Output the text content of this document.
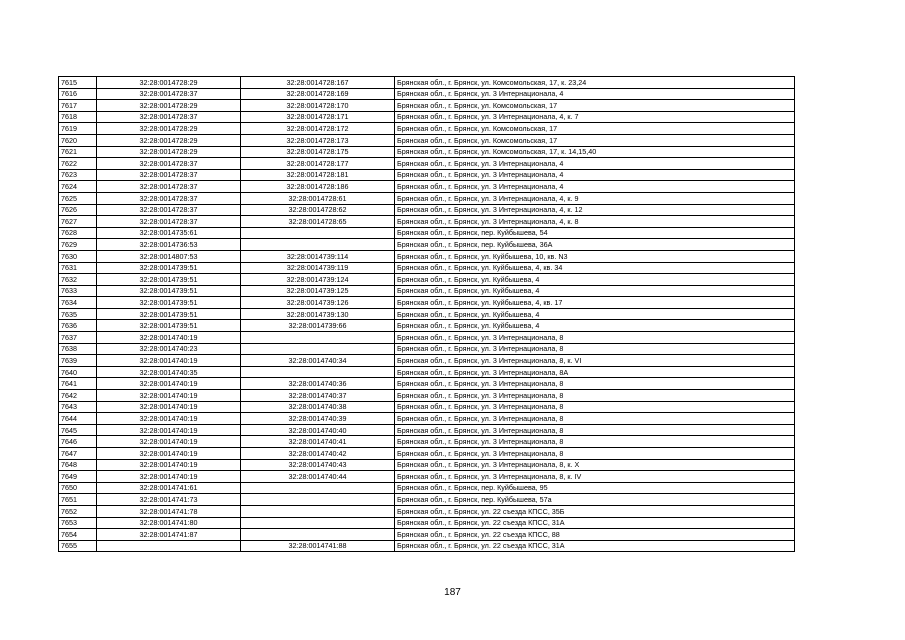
7615	32:28:0014728:29	32:28:0014728:167	Брянская обл., г. Брянск, ул. Комсомольская, 17, к. 23,24
7616	32:28:0014728:37	32:28:0014728:169	Брянская обл., г. Брянск, ул. 3 Интернационала, 4
7617	32:28:0014728:29	32:28:0014728:170	Брянская обл., г. Брянск, ул. Комсомольская, 17
7618	32:28:0014728:37	32:28:0014728:171	Брянская обл., г. Брянск, ул. 3 Интернационала, 4, к. 7
7619	32:28:0014728:29	32:28:0014728:172	Брянская обл., г. Брянск, ул. Комсомольская, 17
7620	32:28:0014728:29	32:28:0014728:173	Брянская обл., г. Брянск, ул. Комсомольская, 17
7621	32:28:0014728:29	32:28:0014728:175	Брянская обл., г. Брянск, ул. Комсомольская, 17, к. 14,15,40
7622	32:28:0014728:37	32:28:0014728:177	Брянская обл., г. Брянск, ул. 3 Интернационала, 4
7623	32:28:0014728:37	32:28:0014728:181	Брянская обл., г. Брянск, ул. 3 Интернационала, 4
7624	32:28:0014728:37	32:28:0014728:186	Брянская обл., г. Брянск, ул. 3 Интернационала, 4
7625	32:28:0014728:37	32:28:0014728:61	Брянская обл., г. Брянск, ул. 3 Интернационала, 4, к. 9
7626	32:28:0014728:37	32:28:0014728:62	Брянская обл., г. Брянск, ул. 3 Интернационала, 4, к. 12
7627	32:28:0014728:37	32:28:0014728:65	Брянская обл., г. Брянск, ул. 3 Интернационала, 4, к. 8
7628	32:28:0014735:61		Брянская обл., г. Брянск, пер. Куйбышева, 54
7629	32:28:0014736:53		Брянская обл., г. Брянск, пер. Куйбышева, 36А
7630	32:28:0014807:53	32:28:0014739:114	Брянская обл., г. Брянск, ул. Куйбышева, 10, кв. N3
7631	32:28:0014739:51	32:28:0014739:119	Брянская обл., г. Брянск, ул. Куйбышева, 4, кв. 34
7632	32:28:0014739:51	32:28:0014739:124	Брянская обл., г. Брянск, ул. Куйбышева, 4
7633	32:28:0014739:51	32:28:0014739:125	Брянская обл., г. Брянск, ул. Куйбышева, 4
7634	32:28:0014739:51	32:28:0014739:126	Брянская обл., г. Брянск, ул. Куйбышева, 4, кв. 17
7635	32:28:0014739:51	32:28:0014739:130	Брянская обл., г. Брянск, ул. Куйбышева, 4
7636	32:28:0014739:51	32:28:0014739:66	Брянская обл., г. Брянск, ул. Куйбышева, 4
7637	32:28:0014740:19		Брянская обл., г. Брянск, ул. 3 Интернационала, 8
7638	32:28:0014740:23		Брянская обл., г. Брянск, ул. 3 Интернационала, 8
7639	32:28:0014740:19	32:28:0014740:34	Брянская обл., г. Брянск, ул. 3 Интернационала, 8, к. VI
7640	32:28:0014740:35		Брянская обл., г. Брянск, ул. 3 Интернационала, 8А
7641	32:28:0014740:19	32:28:0014740:36	Брянская обл., г. Брянск, ул. 3 Интернационала, 8
7642	32:28:0014740:19	32:28:0014740:37	Брянская обл., г. Брянск, ул. 3 Интернационала, 8
7643	32:28:0014740:19	32:28:0014740:38	Брянская обл., г. Брянск, ул. 3 Интернационала, 8
7644	32:28:0014740:19	32:28:0014740:39	Брянская обл., г. Брянск, ул. 3 Интернационала, 8
7645	32:28:0014740:19	32:28:0014740:40	Брянская обл., г. Брянск, ул. 3 Интернационала, 8
7646	32:28:0014740:19	32:28:0014740:41	Брянская обл., г. Брянск, ул. 3 Интернационала, 8
7647	32:28:0014740:19	32:28:0014740:42	Брянская обл., г. Брянск, ул. 3 Интернационала, 8
7648	32:28:0014740:19	32:28:0014740:43	Брянская обл., г. Брянск, ул. 3 Интернационала, 8, к. X
7649	32:28:0014740:19	32:28:0014740:44	Брянская обл., г. Брянск, ул. 3 Интернационала, 8, к. IV
7650	32:28:0014741:61		Брянская обл., г. Брянск, пер. Куйбышева, 95
7651	32:28:0014741:73		Брянская обл., г. Брянск, пер. Куйбышева, 57а
7652	32:28:0014741:78		Брянская обл., г. Брянск, ул. 22 съезда КПСС, 35Б
7653	32:28:0014741:80		Брянская обл., г. Брянск, ул. 22 съезда КПСС, 31А
7654	32:28:0014741:87		Брянская обл., г. Брянск, ул. 22 съезда КПСС, 88
7655		32:28:0014741:88	Брянская обл., г. Брянск, ул. 22 съезда КПСС, 31А
187
